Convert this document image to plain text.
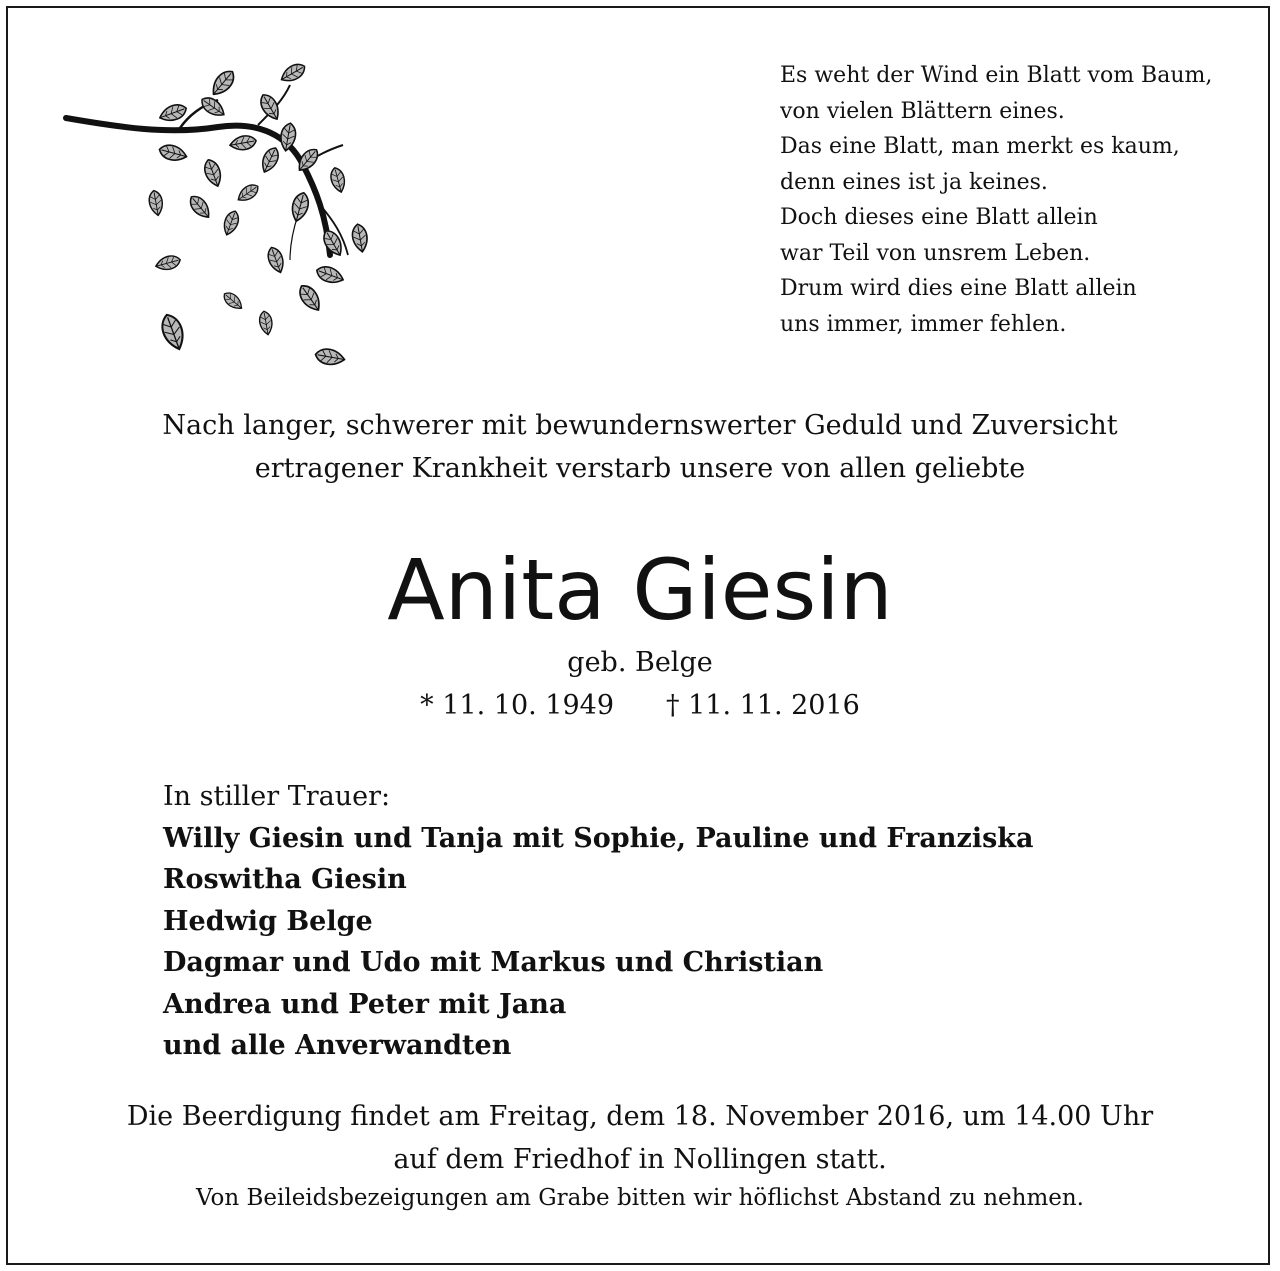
Es weht der Wind ein Blatt vom Baum,
von vielen Blättern eines.
Das eine Blatt, man merkt es kaum,
denn eines ist ja keines.
Doch dieses eine Blatt allein
war Teil von unsrem Leben.
Drum wird dies eine Blatt allein
uns immer, immer fehlen.
Nach langer, schwerer mit bewundernswerter Geduld und Zuversicht
ertragener Krankheit verstarb unsere von allen geliebte
Anita Giesin
geb. Belge
* 11. 10. 1949 † 11. 11. 2016
In stiller Trauer:
Willy Giesin und Tanja mit Sophie, Pauline und Franziska
Roswitha Giesin
Hedwig Belge
Dagmar und Udo mit Markus und Christian
Andrea und Peter mit Jana
und alle Anverwandten
Die Beerdigung findet am Freitag, dem 18. November 2016, um 14.00 Uhr
auf dem Friedhof in Nollingen statt.
Von Beileidsbezeigungen am Grabe bitten wir höflichst Abstand zu nehmen.
